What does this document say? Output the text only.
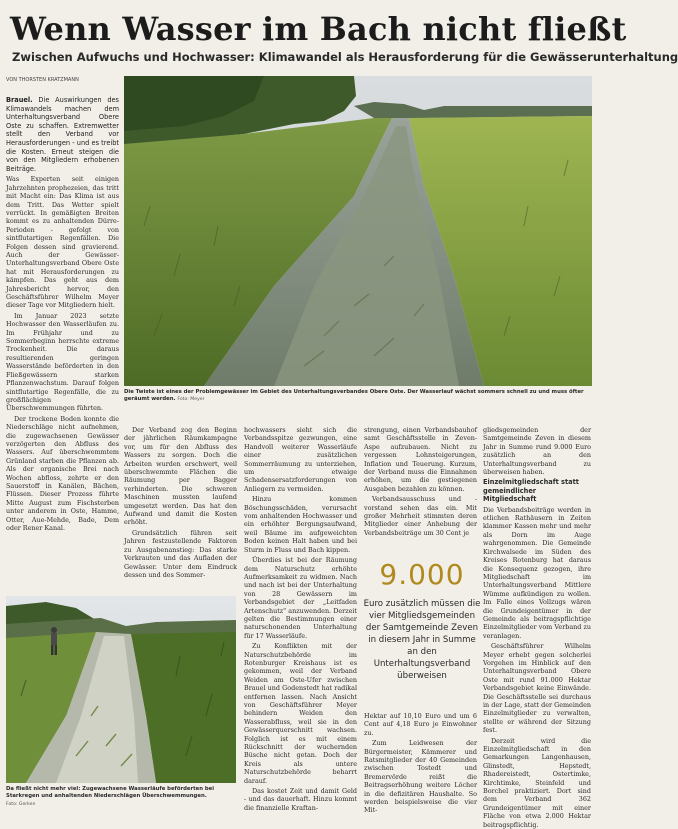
Wenn Wasser im Bach nicht fließt
Zwischen Aufwuchs und Hochwasser: Klimawandel als Herausforderung für die Gewässerunterhaltung
VON THORSTEN KRATZMANN

Brauel. Die Auswirkungen des Klimawandels machen dem Unterhaltungsverband Obere Oste zu schaffen. Extremwetter stellt den Verband vor Herausforderungen - und es treibt die Kosten. Erneut steigen die von den Mitgliedern erhobenen Beiträge.

Was Experten seit einigen Jahrzehnten prophezeien, das tritt mit Macht ein: Das Klima ist aus dem Tritt. Das Wetter spielt verrückt. In gemäßigten Breiten kommt es zu anhaltenden Dürre-Perioden - gefolgt von sintflutartigen Regenfällen. Die Folgen dessen sind gravierend. Auch der Gewässer-Unterhaltungsverband Obere Oste hat mit Herausforderungen zu kämpfen. Das geht aus dem Jahresbericht hervor, den Geschäftsführer Wilhelm Meyer dieser Tage vor Mitgliedern hielt.

Im Januar 2023 setzte Hochwasser den Wasserläufen zu. Im Frühjahr und zu Sommerbeginn herrschte extreme Trockenheit. Die daraus resultierenden geringen Wasserstände beförderten in den Fließgewässern starken Pflanzenwachstum. Darauf folgen sintflutartige Regenfälle, die zu großflächigen Überschwemmungen führten.

Der trockene Boden konnte die Niederschläge nicht aufnehmen, die zugewachsenen Gewässer verzögerten den Abfluss des Wassers. Auf überschwemmtem Grünland starben die Pflanzen ab. Als der organische Brei nach Wochen abfloss, zehrte er den Sauerstoff in Kanälen, Bächen, Flüssen. Dieser Prozess führte Mitte August zum Fischsterben unter anderem in Oste, Hamme, Otter, Aue-Mehde, Bade, Dem oder Rener Kanal.

Die Twiste ist eines der Problemgewässer im Gebiet des Unterhaltungsverbandes Obere Oste. Der Wasserlauf wächst sommers schnell zu und muss öfter geräumt werden. Foto: Meyer

Der Verband zog den Beginn der jährlichen Räumkampagne vor, um für den Abfluss des Wassers zu sorgen. Doch die Arbeiten wurden erschwert, weil überschwemmte Flächen die Räumung per Bagger verhinderten. Die schweren Maschinen mussten laufend umgesetzt werden. Das hat den Aufwand und damit die Kosten erhöht.

Grundsätzlich führen seit Jahren festzustellende Faktoren zu Ausgabenanstieg: Das starke Verkrauten und das Aufladen der Gewässer. Unter dem Eindruck dessen und des Sommer-

hochwassers sieht sich die Verbandsspitze gezwungen, eine Handvoll weiterer Wasserläufe einer zusätzlichen Sommerräumung zu unterziehen, um etwaige Schadensersatzforderungen von Anliegern zu vermeiden.

Hinzu kommen Böschungsschäden, verursacht vom anhaltenden Hochwasser und ein erhöhter Bergungsaufwand, weil Bäume im aufgeweichten Boden keinen Halt haben und bei Sturm in Fluss und Bach kippen.

Überdies ist bei der Räumung dem Naturschutz erhöhte Aufmerksamkeit zu widmen. Nach und nach ist bei der Unterhaltung von 28 Gewässern im Verbandsgebiet der „Leitfaden Artenschutz" anzuwenden. Derzeit gelten die Bestimmungen einer naturschonenden Unterhaltung für 17 Wasserläufe.

Zu Konflikten mit der Naturschutzbehörde im Rotenburger Kreishaus ist es gekommen, weil der Verband Weiden am Oste-Ufer zwischen Brauel und Godenstedt hat radikal entfernen lassen. Nach Ansicht von Geschäftsführer Meyer behindern Weiden den Wasserabfluss, weil sie in den Gewässerquerschnitt wachsen. Folglich ist es mit einem Rückschnitt der wuchernden Büsche nicht getan. Doch der Kreis als untere Naturschutzbehörde beharrt darauf.

Das kostet Zeit und damit Geld - und das dauerhaft. Hinzu kommt die finanzielle Kraftan-

strengung, einen Verbandsbauhof samt Geschäftsstelle in Zeven-Aspe aufzubauen. Nicht zu vergessen Lohnsteigerungen, Inflation und Teuerung. Kurzum, der Verband muss die Einnahmen erhöhen, um die gestiegenen Ausgaben bezahlen zu können.

Verbandsausschuss und -vorstand sehen das ein. Mit großer Mehrheit stimmten deren Mitglieder einer Anhebung der Verbandsbeiträge um 30 Cent je

9.000
Euro zusätzlich müssen die vier Mitgliedsgemeinden der Samtgemeinde Zeven in diesem Jahr in Summe an den Unterhaltungsverband überweisen

Hektar auf 10,10 Euro und um 6 Cent auf 4,18 Euro je Einwohner zu.

Zum Leidwesen der Bürgermeister, Kämmerer und Ratsmitglieder der 40 Gemeinden zwischen Tostedt und Bremervörde reißt die Beitragserhöhung weitere Löcher in die defizitären Haushalte. So werden beispielsweise die vier Mit-

gliedsgemeinden der Samtgemeinde Zeven in diesem Jahr in Summe rund 9.000 Euro zusätzlich an den Unterhaltungsverband zu überweisen haben.

Einzelmitgliedschaft statt gemeindlicher Mitgliedschaft

Die Verbandsbeiträge werden in etlichen Rathäusern in Zeiten klammer Kassen mehr und mehr als Dorn im Auge wahrgenommen. Die Gemeinde Kirchwalsede im Süden des Kreises Rotenburg hat daraus die Konsequenz gezogen, ihre Mitgliedschaft im Unterhaltungsverband Mittlere Wümme aufkündigen zu wollen. Im Falle eines Vollzugs wären die Grundeigentümer in der Gemeinde als beitragspflichtige Einzelmitglieder vom Verband zu veranlagen.

Geschäftsführer Wilhelm Meyer erhebt gegen solcherlei Vorgehen im Hinblick auf den Unterhaltungsverband Obere Oste mit rund 91.000 Hektar Verbandsgebiet keine Einwände. Die Geschäftsstelle sei durchaus in der Lage, statt der Gemeinden Einzelmitglieder zu verwalten, stellte er während der Sitzung fest.

Derzeit wird die Einzelmitgliedschaft in den Gemarkungen Langenhausen, Glinstedt, Hepstedt, Rhadereistedt, Ostertimke, Kirchtimke, Steinfeld und Borchel praktiziert. Dort sind dem Verband 362 Grundeigentümer mit einer Fläche von etwa 2.000 Hektar beitragspflichtig.

Da fließt nicht mehr viel: Zugewachsene Wasserläufe beförderten bei Starkregen und anhaltenden Niederschlägen Überschwemmungen.
Foto: Gerken
